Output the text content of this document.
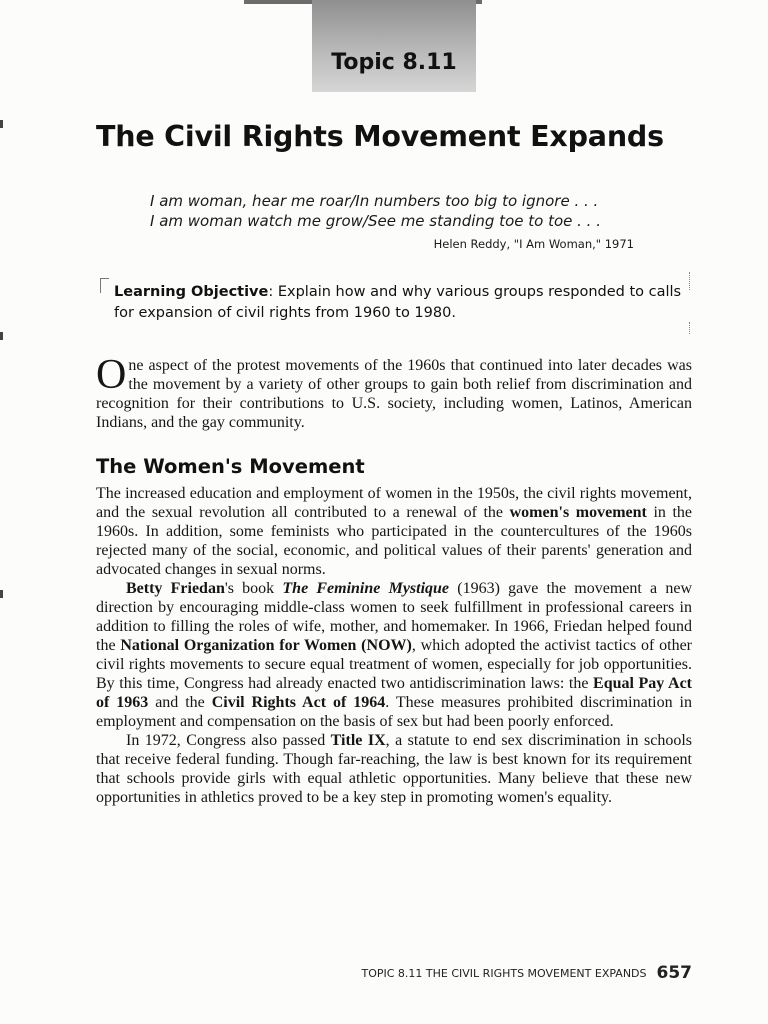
Topic 8.11
The Civil Rights Movement Expands
I am woman, hear me roar/In numbers too big to ignore . . .
I am woman watch me grow/See me standing toe to toe . . .
Helen Reddy, "I Am Woman," 1971
Learning Objective: Explain how and why various groups responded to calls for expansion of civil rights from 1960 to 1980.
One aspect of the protest movements of the 1960s that continued into later decades was the movement by a variety of other groups to gain both relief from discrimination and recognition for their contributions to U.S. society, including women, Latinos, American Indians, and the gay community.
The Women's Movement

The increased education and employment of women in the 1950s, the civil rights movement, and the sexual revolution all contributed to a renewal of the women's movement in the 1960s. In addition, some feminists who participated in the countercultures of the 1960s rejected many of the social, economic, and political values of their parents' generation and advocated changes in sexual norms.

Betty Friedan's book The Feminine Mystique (1963) gave the movement a new direction by encouraging middle-class women to seek fulfillment in professional careers in addition to filling the roles of wife, mother, and homemaker. In 1966, Friedan helped found the National Organization for Women (NOW), which adopted the activist tactics of other civil rights movements to secure equal treatment of women, especially for job opportunities. By this time, Congress had already enacted two antidiscrimination laws: the Equal Pay Act of 1963 and the Civil Rights Act of 1964. These measures prohibited discrimination in employment and compensation on the basis of sex but had been poorly enforced.

In 1972, Congress also passed Title IX, a statute to end sex discrimination in schools that receive federal funding. Though far-reaching, the law is best known for its requirement that schools provide girls with equal athletic opportunities. Many believe that these new opportunities in athletics proved to be a key step in promoting women's equality.

TOPIC 8.11 THE CIVIL RIGHTS MOVEMENT EXPANDS 657
